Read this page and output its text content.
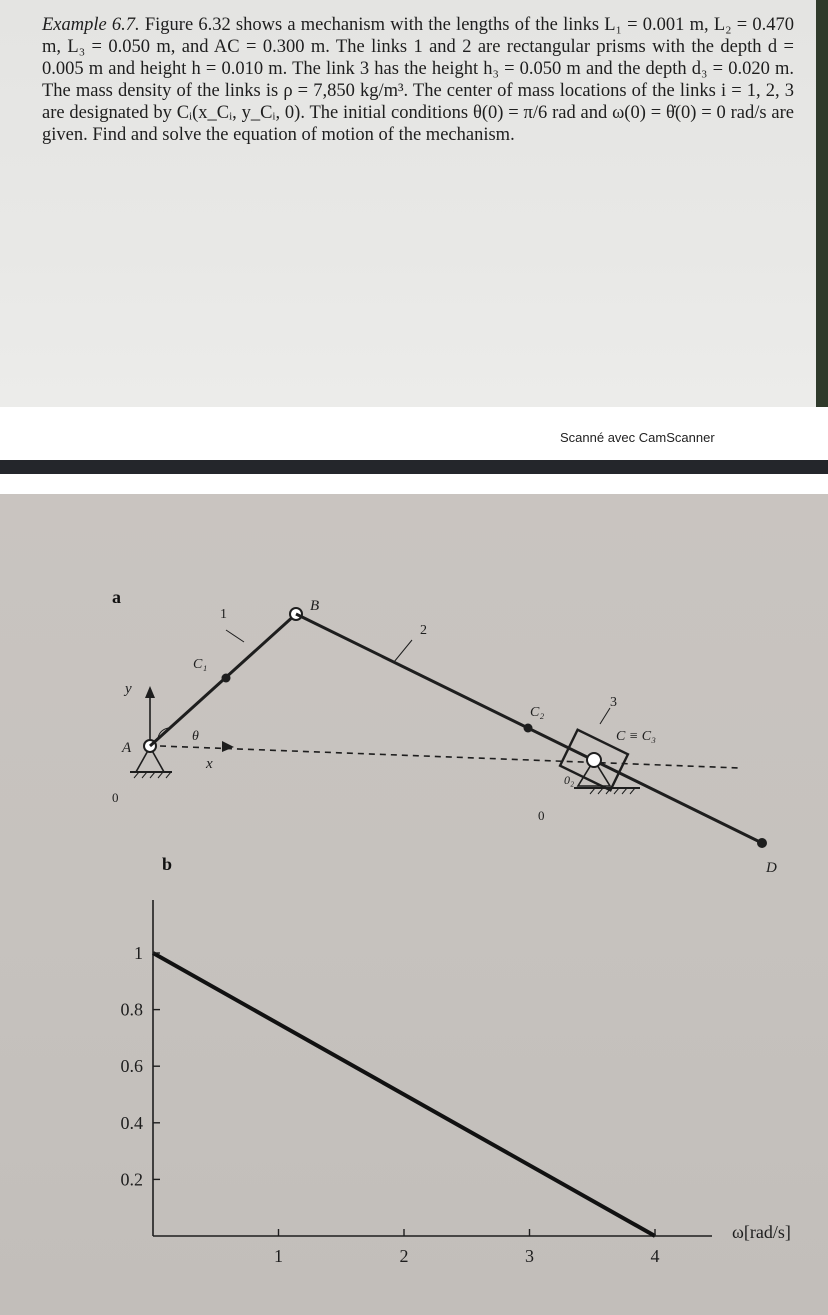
Example 6.7. Figure 6.32 shows a mechanism with the lengths of the links L₁ = 0.001 m, L₂ = 0.470 m, L₃ = 0.050 m, and AC = 0.300 m. The links 1 and 2 are rectangular prisms with the depth d = 0.005 m and height h = 0.010 m. The link 3 has the height h₃ = 0.050 m and the depth d₃ = 0.020 m. The mass density of the links is ρ = 7,850 kg/m³. The center of mass locations of the links i = 1, 2, 3 are designated by Cᵢ(x_Cᵢ, y_Cᵢ, 0). The initial conditions θ(0) = π/6 rad and ω(0) = θ̇(0) = 0 rad/s are given. Find and solve the equation of motion of the mechanism.
Scanné avec CamScanner
a
y
x
A
0
C₁
1
θ
B
2
C₂
D
0₂
0
3
C ≡ C₃
b
1
0.8
0.6
0.4
0.2
1	2	3	4
ω[rad/s]
